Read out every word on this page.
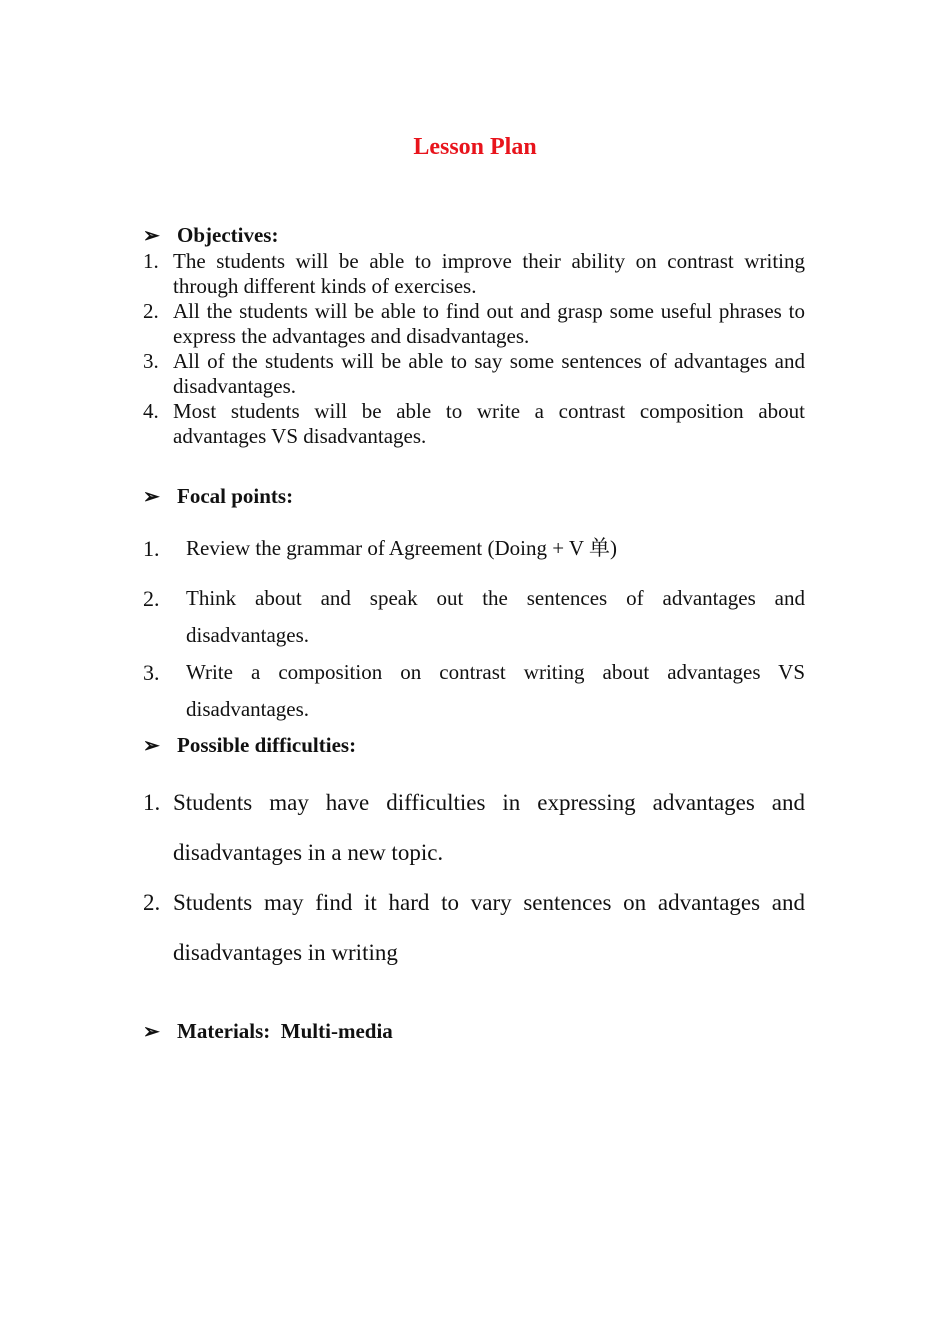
Lesson Plan
➢ Objectives:
1. The students will be able to improve their ability on contrast writing through different kinds of exercises.
2. All the students will be able to find out and grasp some useful phrases to express the advantages and disadvantages.
3. All of the students will be able to say some sentences of advantages and disadvantages.
4. Most students will be able to write a contrast composition about advantages VS disadvantages.
➢ Focal points:
1.	Review the grammar of Agreement (Doing + V 单)
2.	Think about and speak out the sentences of advantages and disadvantages.
3.	Write a composition on contrast writing about advantages VS disadvantages.
➢ Possible difficulties:
1. Students may have difficulties in expressing advantages and disadvantages in a new topic.
2. Students may find it hard to vary sentences on advantages and disadvantages in writing
➢ Materials:  Multi-media
